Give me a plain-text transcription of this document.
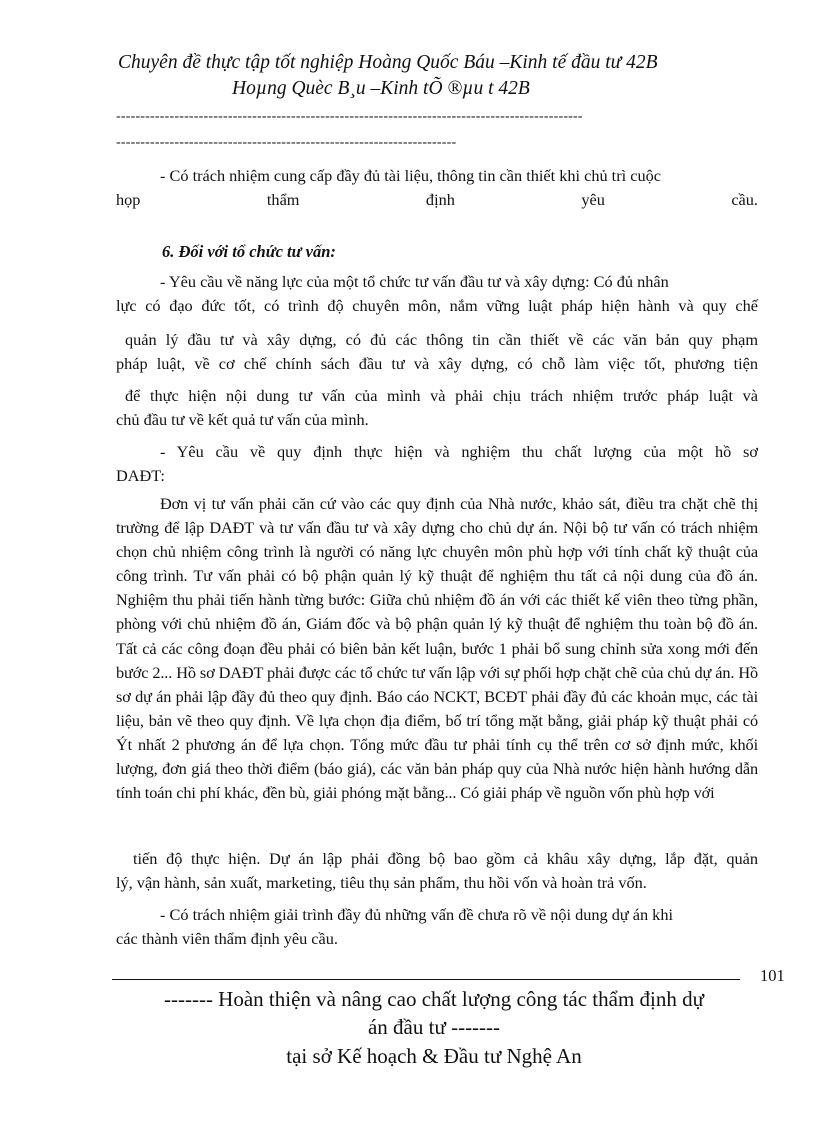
Chuyên đề thực tập tốt nghiệp Hoàng Quốc Báu –Kinh tế đầu tư 42B
Hoµng Quèc B¸u –Kinh tÕ ®µu t 42B
------------------------------------------------------------------------------------------------
----------------------------------------------------------------------
- Có trách nhiệm cung cấp đầy đủ tài liệu, thông tin cần thiết khi chủ trì cuộc
họp thẩm định yêu cầu.
6. Đối với tổ chức tư vấn:
- Yêu cầu về năng lực của một tổ chức tư vấn đầu tư và xây dựng: Có đủ nhân
lực có đạo đức tốt, có trình độ chuyên môn, nắm vững luật pháp hiện hành và quy chế
quản lý đầu tư và xây dựng, có đủ các thông tin cần thiết về các văn bản quy phạm
pháp luật, về cơ chế chính sách đầu tư và xây dựng, có chỗ làm việc tốt, phương tiện
để thực hiện nội dung tư vấn của mình và phải chịu trách nhiệm trước pháp luật và
chủ đầu tư về kết quả tư vấn của mình.
- Yêu cầu về quy định thực hiện và nghiệm thu chất lượng của một hồ sơ
DAĐT:
Đơn vị tư vấn phải căn cứ vào các quy định của Nhà nước, khảo sát, điều tra chặt chẽ thị trường để lập DAĐT và tư vấn đầu tư và xây dựng cho chủ dự án. Nội bộ tư vấn có trách nhiệm chọn chủ nhiệm công trình là người có năng lực chuyên môn phù hợp với tính chất kỹ thuật của công trình. Tư vấn phải có bộ phận quản lý kỹ thuật để nghiệm thu tất cả nội dung của đồ án. Nghiệm thu phải tiến hành từng bước: Giữa chủ nhiệm đồ án với các thiết kế viên theo từng phần, phòng với chủ nhiệm đồ án, Giám đốc và bộ phận quản lý kỹ thuật để nghiệm thu toàn bộ đồ án. Tất cả các công đoạn đều phải có biên bản kết luận, bước 1 phải bổ sung chỉnh sửa xong mới đến bước 2... Hồ sơ DAĐT phải được các tổ chức tư vấn lập với sự phối hợp chặt chẽ của chủ dự án. Hồ sơ dự án phải lập đầy đủ theo quy định. Báo cáo NCKT, BCĐT phải đầy đủ các khoản mục, các tài liệu, bản vẽ theo quy định. Về lựa chọn địa điểm, bố trí tổng mặt bằng, giải pháp kỹ thuật phải có Ýt nhất 2 phương án để lựa chọn. Tổng mức đầu tư phải tính cụ thể trên cơ sở định mức, khối lượng, đơn giá theo thời điểm (báo giá), các văn bản pháp quy của Nhà nước hiện hành hướng dẫn tính toán chi phí khác, đền bù, giải phóng mặt bằng... Có giải pháp về nguồn vốn phù hợp với
tiến độ thực hiện. Dự án lập phải đồng bộ bao gồm cả khâu xây dựng, lắp đặt, quản
lý, vận hành, sản xuất, marketing, tiêu thụ sản phẩm, thu hồi vốn và hoàn trả vốn.
- Có trách nhiệm giải trình đầy đủ những vấn đề chưa rõ về nội dung dự án khi
các thành viên thẩm định yêu cầu.
101
------- Hoàn thiện và nâng cao chất lượng công tác thẩm định dự
án đầu tư -------
tại sở Kế hoạch & Đầu tư Nghệ An
